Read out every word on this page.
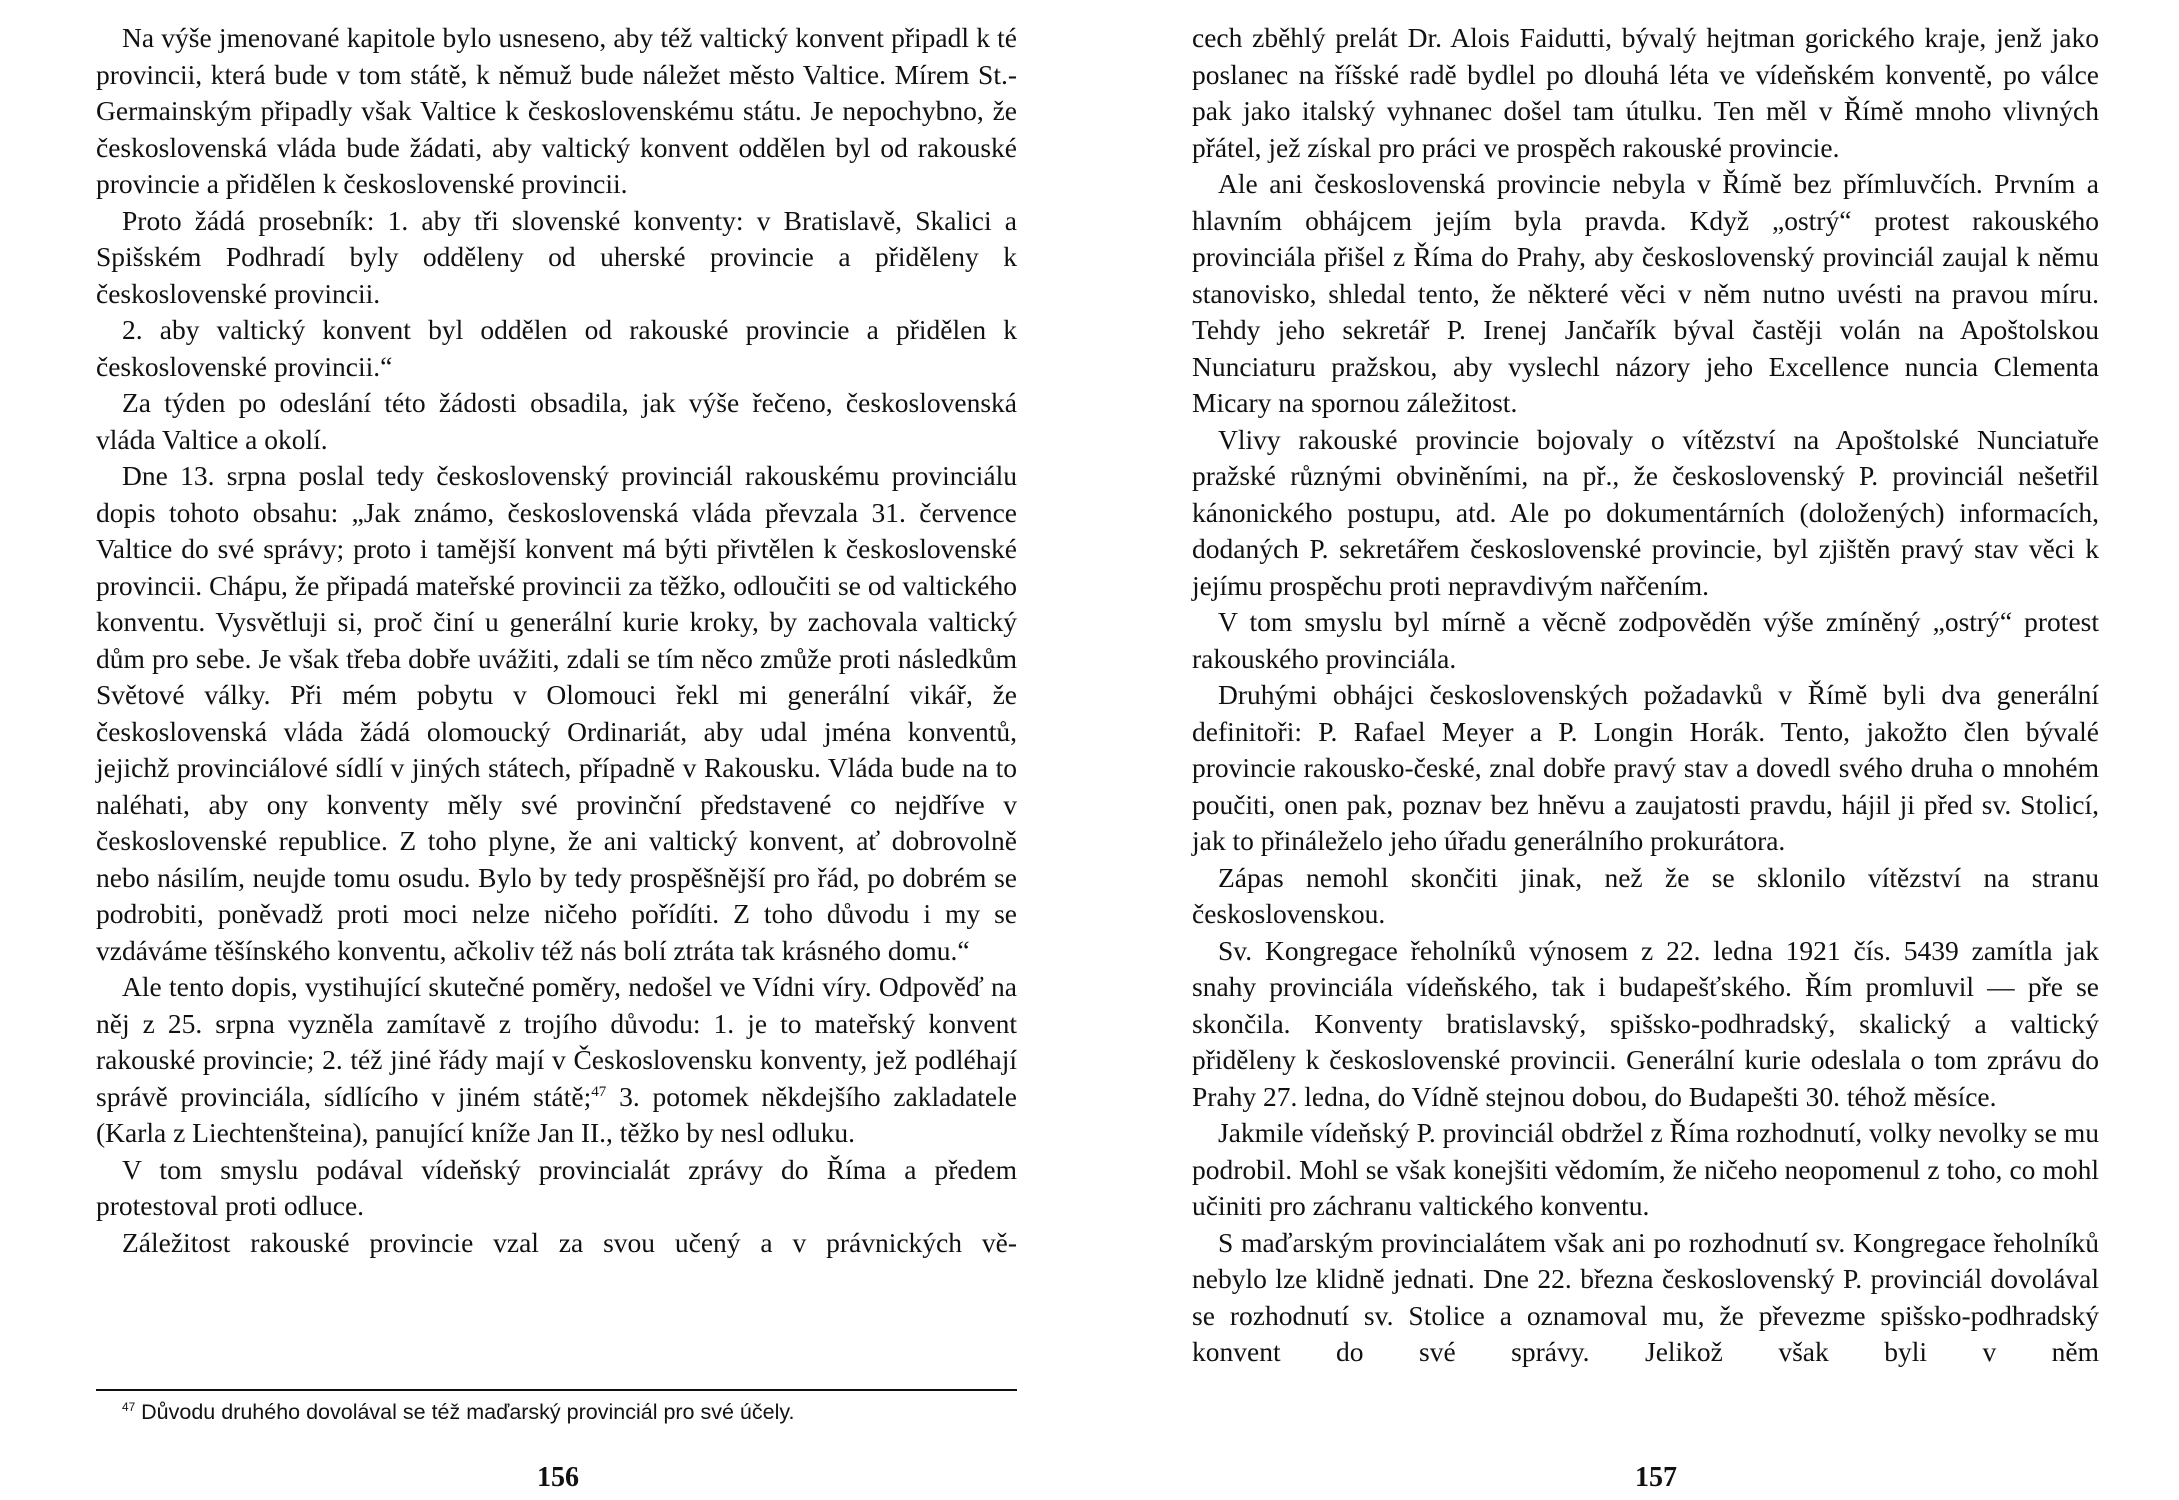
Na výše jmenované kapitole bylo usneseno, aby též valtický konvent připadl k té provincii, která bude v tom státě, k němuž bude náležet město Valtice. Mírem St.-Germainským připadly však Valtice k československému státu. Je nepochybno, že československá vláda bude žádati, aby valtický konvent oddělen byl od rakouské provincie a přidělen k československé provincii.

Proto žádá prosebník: 1. aby tři slovenské konventy: v Bratislavě, Skalici a Spišském Podhradí byly odděleny od uherské provincie a přiděleny k československé provincii.

2. aby valtický konvent byl oddělen od rakouské provincie a přidělen k československé provincii.“

Za týden po odeslání této žádosti obsadila, jak výše řečeno, československá vláda Valtice a okolí.

Dne 13. srpna poslal tedy československý provinciál rakouskému provinciálu dopis tohoto obsahu: „Jak známo, československá vláda převzala 31. července Valtice do své správy; proto i tamější konvent má býti přivtělen k československé provincii. Chápu, že připadá mateřské provincii za těžko, odloučiti se od valtického konventu. Vysvětluji si, proč činí u generální kurie kroky, by zachovala valtický dům pro sebe. Je však třeba dobře uvážiti, zdali se tím něco zmůže proti následkům Světové války. Při mém pobytu v Olomouci řekl mi generální vikář, že československá vláda žádá olomoucký Ordinariát, aby udal jména konventů, jejichž provinciálové sídlí v jiných státech, případně v Rakousku. Vláda bude na to naléhati, aby ony konventy měly své provinční představené co nejdříve v československé republice. Z toho plyne, že ani valtický konvent, ať dobrovolně nebo násilím, neujde tomu osudu. Bylo by tedy prospěšnější pro řád, po dobrém se podrobiti, poněvadž proti moci nelze ničeho pořídíti. Z toho důvodu i my se vzdáváme těšínského konventu, ačkoliv též nás bolí ztráta tak krásného domu.“

Ale tento dopis, vystihující skutečné poměry, nedošel ve Vídni víry. Odpověď na něj z 25. srpna vyzněla zamítavě z trojího důvodu: 1. je to mateřský konvent rakouské provincie; 2. též jiné řády mají v Československu konventy, jež podléhají správě provinciála, sídlícího v jiném státě;$^{47}$ 3. potomek někdejšího zakladatele (Karla z Liechtenšteina), panující kníže Jan II., těžko by nesl odluku.

V tom smyslu podával vídeňský provincialát zprávy do Říma a předem protestoval proti odluce.

Záležitost rakouské provincie vzal za svou učený a v právnických vě-

$^{47}$ Důvodu druhého dovolával se též maďarský provinciál pro své účely.

156

cech zběhlý prelát Dr. Alois Faidutti, bývalý hejtman gorického kraje, jenž jako poslanec na říšské radě bydlel po dlouhá léta ve vídeňském konventě, po válce pak jako italský vyhnanec došel tam útulku. Ten měl v Římě mnoho vlivných přátel, jež získal pro práci ve prospěch rakouské provincie.

Ale ani československá provincie nebyla v Římě bez přímluvčích. Prvním a hlavním obhájcem jejím byla pravda. Když „ostrý“ protest rakouského provinciála přišel z Říma do Prahy, aby československý provinciál zaujal k němu stanovisko, shledal tento, že některé věci v něm nutno uvésti na pravou míru. Tehdy jeho sekretář P. Irenej Jančařík býval častěji volán na Apoštolskou Nunciaturu pražskou, aby vyslechl názory jeho Excellence nuncia Clementa Micary na spornou záležitost.

Vlivy rakouské provincie bojovaly o vítězství na Apoštolské Nunciatuře pražské různými obviněními, na př., že československý P. provinciál nešetřil kánonického postupu, atd. Ale po dokumentárních (doložených) informacích, dodaných P. sekretářem československé provincie, byl zjištěn pravý stav věci k jejímu prospěchu proti nepravdivým nařčením.

V tom smyslu byl mírně a věcně zodpověděn výše zmíněný „ostrý“ protest rakouského provinciála.

Druhými obhájci československých požadavků v Římě byli dva generální definitoři: P. Rafael Meyer a P. Longin Horák. Tento, jakožto člen bývalé provincie rakousko-české, znal dobře pravý stav a dovedl svého druha o mnohém poučiti, onen pak, poznav bez hněvu a zaujatosti pravdu, hájil ji před sv. Stolicí, jak to přináleželo jeho úřadu generálního prokurátora.

Zápas nemohl skončiti jinak, než že se sklonilo vítězství na stranu československou.

Sv. Kongregace řeholníků výnosem z 22. ledna 1921 čís. 5439 zamítla jak snahy provinciála vídeňského, tak i budapešťského. Řím promluvil — pře se skončila. Konventy bratislavský, spišsko-podhradský, skalický a valtický přiděleny k československé provincii. Generální kurie odeslala o tom zprávu do Prahy 27. ledna, do Vídně stejnou dobou, do Budapešti 30. téhož měsíce.

Jakmile vídeňský P. provinciál obdržel z Říma rozhodnutí, volky nevolky se mu podrobil. Mohl se však konejšiti vědomím, že ničeho neopomenul z toho, co mohl učiniti pro záchranu valtického konventu.

S maďarským provincialátem však ani po rozhodnutí sv. Kongregace řeholníků nebylo lze klidně jednati. Dne 22. března československý P. provinciál dovolával se rozhodnutí sv. Stolice a oznamoval mu, že převezme spišsko-podhradský konvent do své správy. Jelikož však byli v něm

157
